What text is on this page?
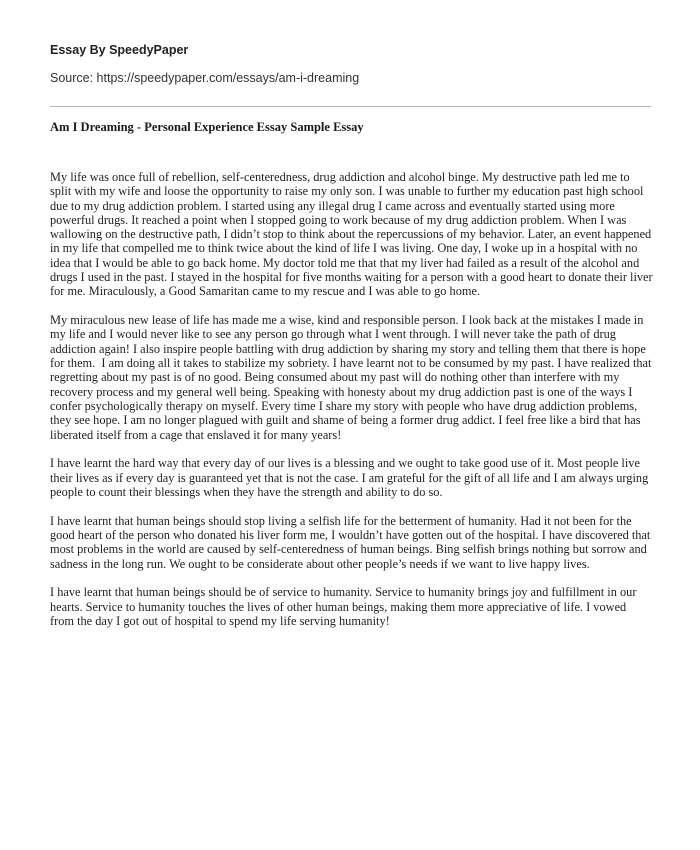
Essay By SpeedyPaper
Source: https://speedypaper.com/essays/am-i-dreaming
Am I Dreaming - Personal Experience Essay Sample Essay

My life was once full of rebellion, self-centeredness, drug addiction and alcohol binge. My destructive path led me to split with my wife and loose the opportunity to raise my only son. I was unable to further my education past high school due to my drug addiction problem. I started using any illegal drug I came across and eventually started using more powerful drugs. It reached a point when I stopped going to work because of my drug addiction problem. When I was wallowing on the destructive path, I didn’t stop to think about the repercussions of my behavior. Later, an event happened in my life that compelled me to think twice about the kind of life I was living. One day, I woke up in a hospital with no idea that I would be able to go back home. My doctor told me that that my liver had failed as a result of the alcohol and drugs I used in the past. I stayed in the hospital for five months waiting for a person with a good heart to donate their liver for me. Miraculously, a Good Samaritan came to my rescue and I was able to go home.

My miraculous new lease of life has made me a wise, kind and responsible person. I look back at the mistakes I made in my life and I would never like to see any person go through what I went through. I will never take the path of drug addiction again! I also inspire people battling with drug addiction by sharing my story and telling them that there is hope for them.  I am doing all it takes to stabilize my sobriety. I have learnt not to be consumed by my past. I have realized that regretting about my past is of no good. Being consumed about my past will do nothing other than interfere with my recovery process and my general well being. Speaking with honesty about my drug addiction past is one of the ways I confer psychologically therapy on myself. Every time I share my story with people who have drug addiction problems, they see hope. I am no longer plagued with guilt and shame of being a former drug addict. I feel free like a bird that has liberated itself from a cage that enslaved it for many years!

I have learnt the hard way that every day of our lives is a blessing and we ought to take good use of it. Most people live their lives as if every day is guaranteed yet that is not the case. I am grateful for the gift of all life and I am always urging people to count their blessings when they have the strength and ability to do so.

I have learnt that human beings should stop living a selfish life for the betterment of humanity. Had it not been for the good heart of the person who donated his liver form me, I wouldn’t have gotten out of the hospital. I have discovered that most problems in the world are caused by self-centeredness of human beings. Bing selfish brings nothing but sorrow and sadness in the long run. We ought to be considerate about other people’s needs if we want to live happy lives.

I have learnt that human beings should be of service to humanity. Service to humanity brings joy and fulfillment in our hearts. Service to humanity touches the lives of other human beings, making them more appreciative of life. I vowed from the day I got out of hospital to spend my life serving humanity!
